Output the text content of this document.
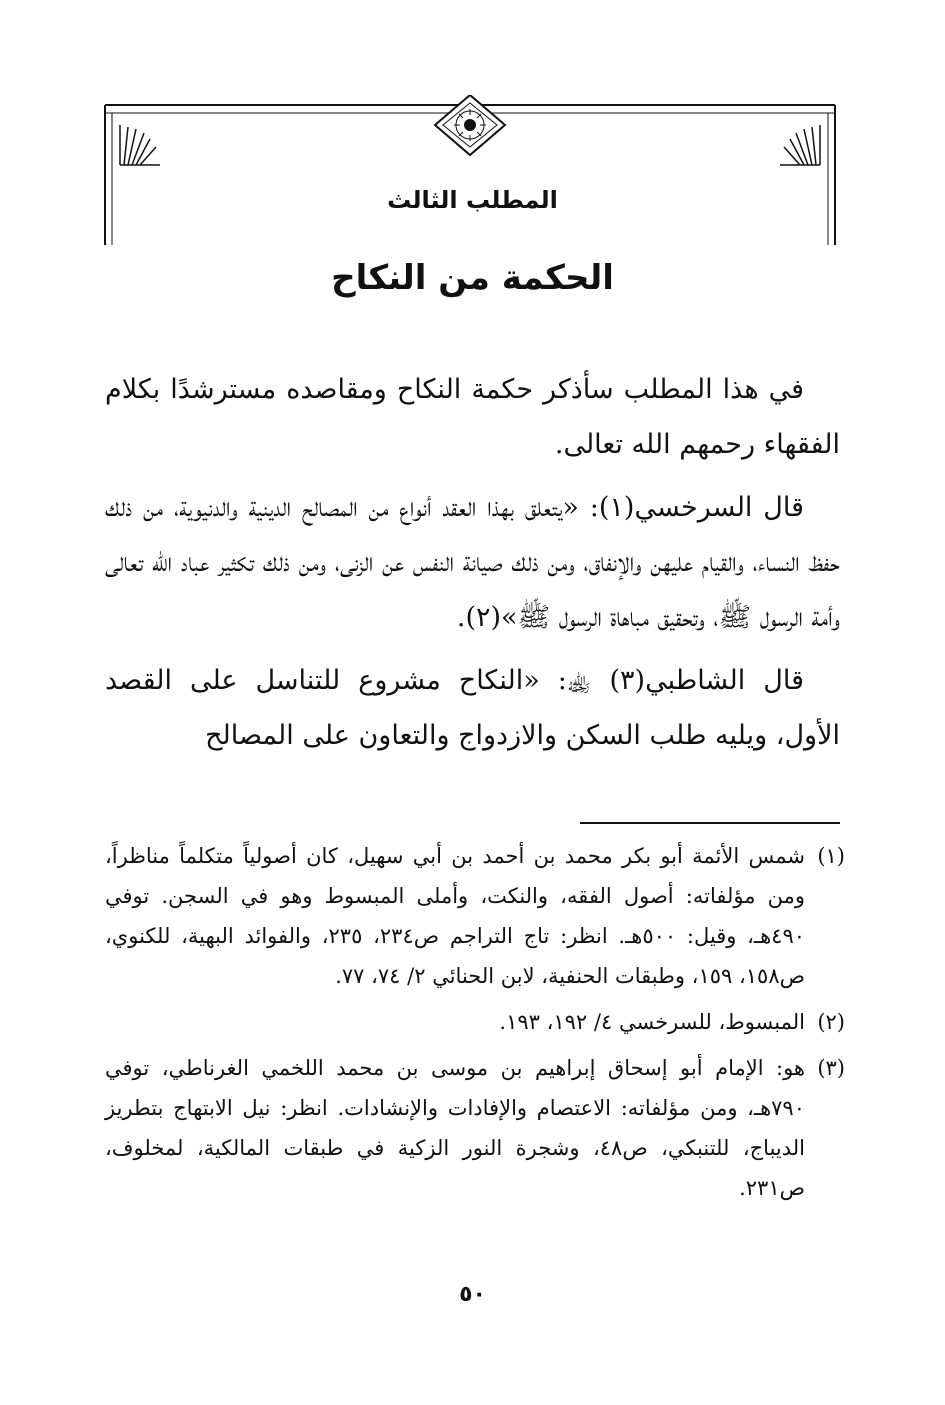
المطلب الثالث
الحكمة من النكاح

في هذا المطلب سأذكر حكمة النكاح ومقاصده مسترشدًا بكلام الفقهاء رحمهم الله تعالى.

قال السرخسي(١): «يتعلق بهذا العقد أنواع من المصالح الدينية والدنيوية، من ذلك حفظ النساء، والقيام عليهن والإنفاق، ومن ذلك صيانة النفس عن الزنى، ومن ذلك تكثير عباد الله تعالى وأمة الرسول ﷺ، وتحقيق مباهاة الرسول ﷺ»(٢).

قال الشاطبي(٣) ﵀: «النكاح مشروع للتناسل على القصد الأول، ويليه طلب السكن والازدواج والتعاون على المصالح

(١)
شمس الأئمة أبو بكر محمد بن أحمد بن أبي سهيل، كان أصولياً متكلماً مناظراً، ومن مؤلفاته: أصول الفقه، والنكت، وأملى المبسوط وهو في السجن. توفي ٤٩٠هـ، وقيل: ٥٠٠هـ. انظر: تاج التراجم ص٢٣٤، ٢٣٥، والفوائد البهية، للكنوي، ص١٥٨، ١٥٩، وطبقات الحنفية، لابن الحنائي ٢/ ٧٤، ٧٧.
(٢)
المبسوط، للسرخسي ٤/ ١٩٢، ١٩٣.
(٣)
هو: الإمام أبو إسحاق إبراهيم بن موسى بن محمد اللخمي الغرناطي، توفي ٧٩٠هـ، ومن مؤلفاته: الاعتصام والإفادات والإنشادات. انظر: نيل الابتهاج بتطريز الديباج، للتنبكي، ص٤٨، وشجرة النور الزكية في طبقات المالكية، لمخلوف، ص٢٣١.
٥٠
